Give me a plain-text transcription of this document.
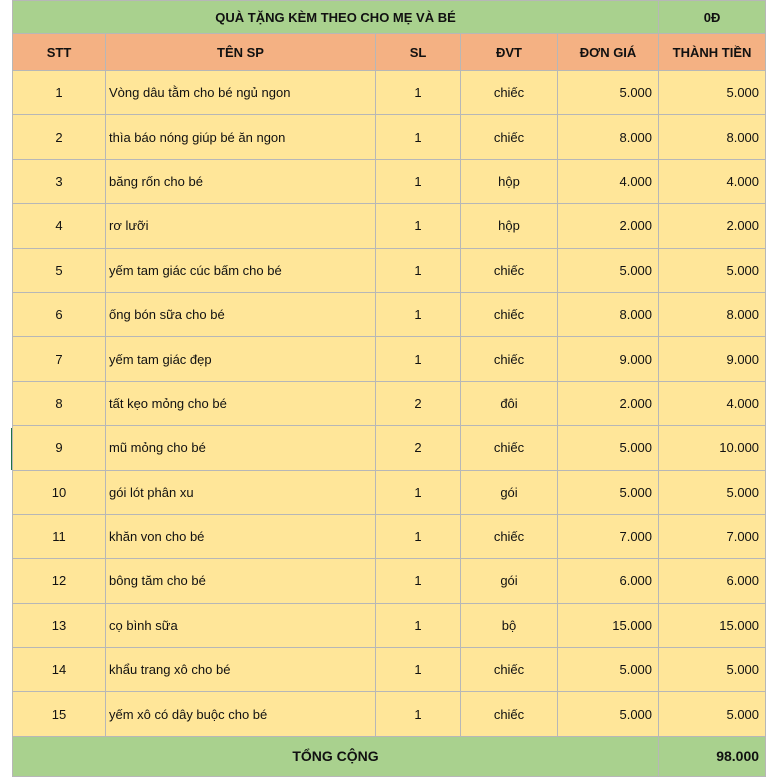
QUÀ TẶNG KÈM THEO CHO MẸ VÀ BÉ					0Đ
STT	TÊN SP	SL	ĐVT	ĐƠN GIÁ	THÀNH TIỀN
1	Vòng dâu tằm cho bé ngủ ngon	1	chiếc	5.000	5.000
2	thìa báo nóng giúp bé ăn ngon	1	chiếc	8.000	8.000
3	băng rốn cho bé	1	hộp	4.000	4.000
4	rơ lưỡi	1	hộp	2.000	2.000
5	yếm tam giác cúc bấm cho bé	1	chiếc	5.000	5.000
6	ống bón sữa cho bé	1	chiếc	8.000	8.000
7	yếm tam giác đẹp	1	chiếc	9.000	9.000
8	tất kẹo mỏng cho bé	2	đôi	2.000	4.000
9	mũ mỏng cho bé	2	chiếc	5.000	10.000
10	gói lót phân xu	1	gói	5.000	5.000
11	khăn von cho bé	1	chiếc	7.000	7.000
12	bông tăm cho bé	1	gói	6.000	6.000
13	cọ bình sữa	1	bộ	15.000	15.000
14	khẩu trang xô cho bé	1	chiếc	5.000	5.000
15	yếm xô có dây buộc cho bé	1	chiếc	5.000	5.000
TỔNG CỘNG					98.000
